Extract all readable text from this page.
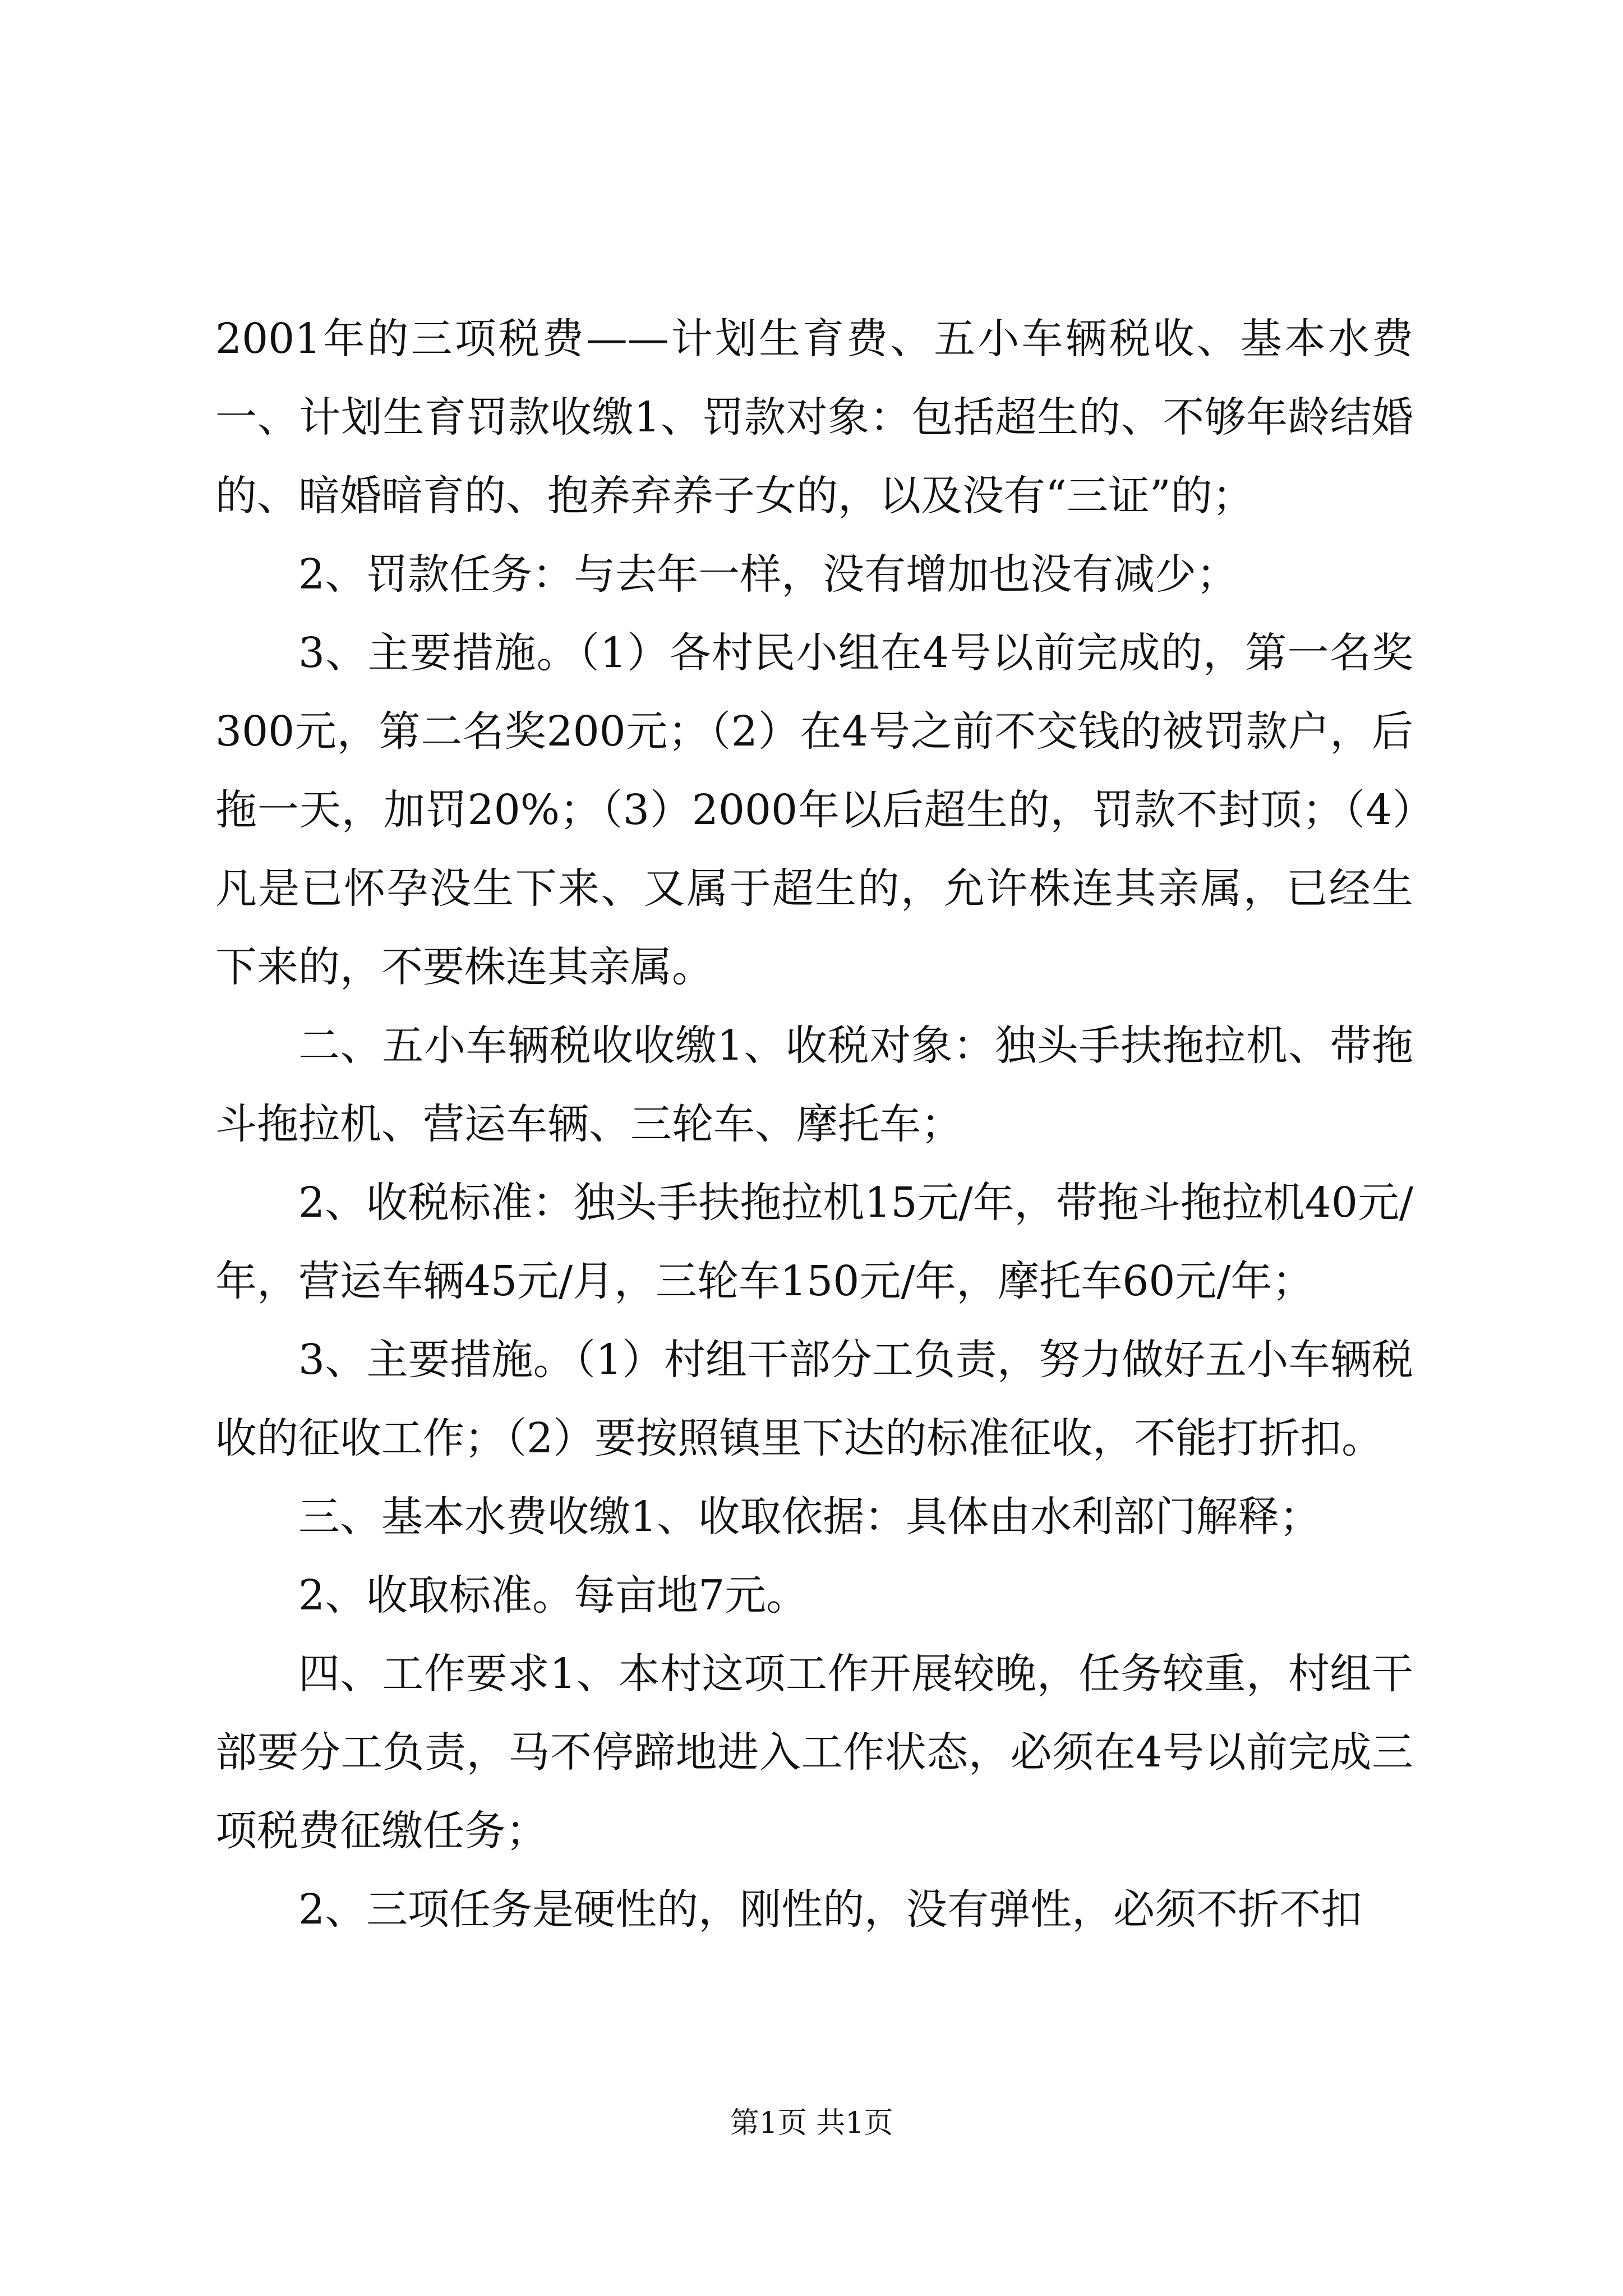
2001年的三项税费——计划生育费、五小车辆税收、基本水费一、计划生育罚款收缴1、罚款对象：包括超生的、不够年龄结婚的、暗婚暗育的、抱养弃养子女的，以及没有“三证”的；

2、罚款任务：与去年一样，没有增加也没有减少；

3、主要措施。（1）各村民小组在4号以前完成的，第一名奖300元，第二名奖200元；（2）在4号之前不交钱的被罚款户，后拖一天，加罚20%；（3）2000年以后超生的，罚款不封顶；（4）凡是已怀孕没生下来、又属于超生的，允许株连其亲属，已经生下来的，不要株连其亲属。

二、五小车辆税收收缴1、收税对象：独头手扶拖拉机、带拖斗拖拉机、营运车辆、三轮车、摩托车；

2、收税标准：独头手扶拖拉机15元/年，带拖斗拖拉机40元/年，营运车辆45元/月，三轮车150元/年，摩托车60元/年；

3、主要措施。（1）村组干部分工负责，努力做好五小车辆税收的征收工作；（2）要按照镇里下达的标准征收，不能打折扣。

三、基本水费收缴1、收取依据：具体由水利部门解释；

2、收取标准。每亩地7元。

四、工作要求1、本村这项工作开展较晚，任务较重，村组干部要分工负责，马不停蹄地进入工作状态，必须在4号以前完成三项税费征缴任务；

2、三项任务是硬性的，刚性的，没有弹性，必须不折不扣

第1页 共1页
